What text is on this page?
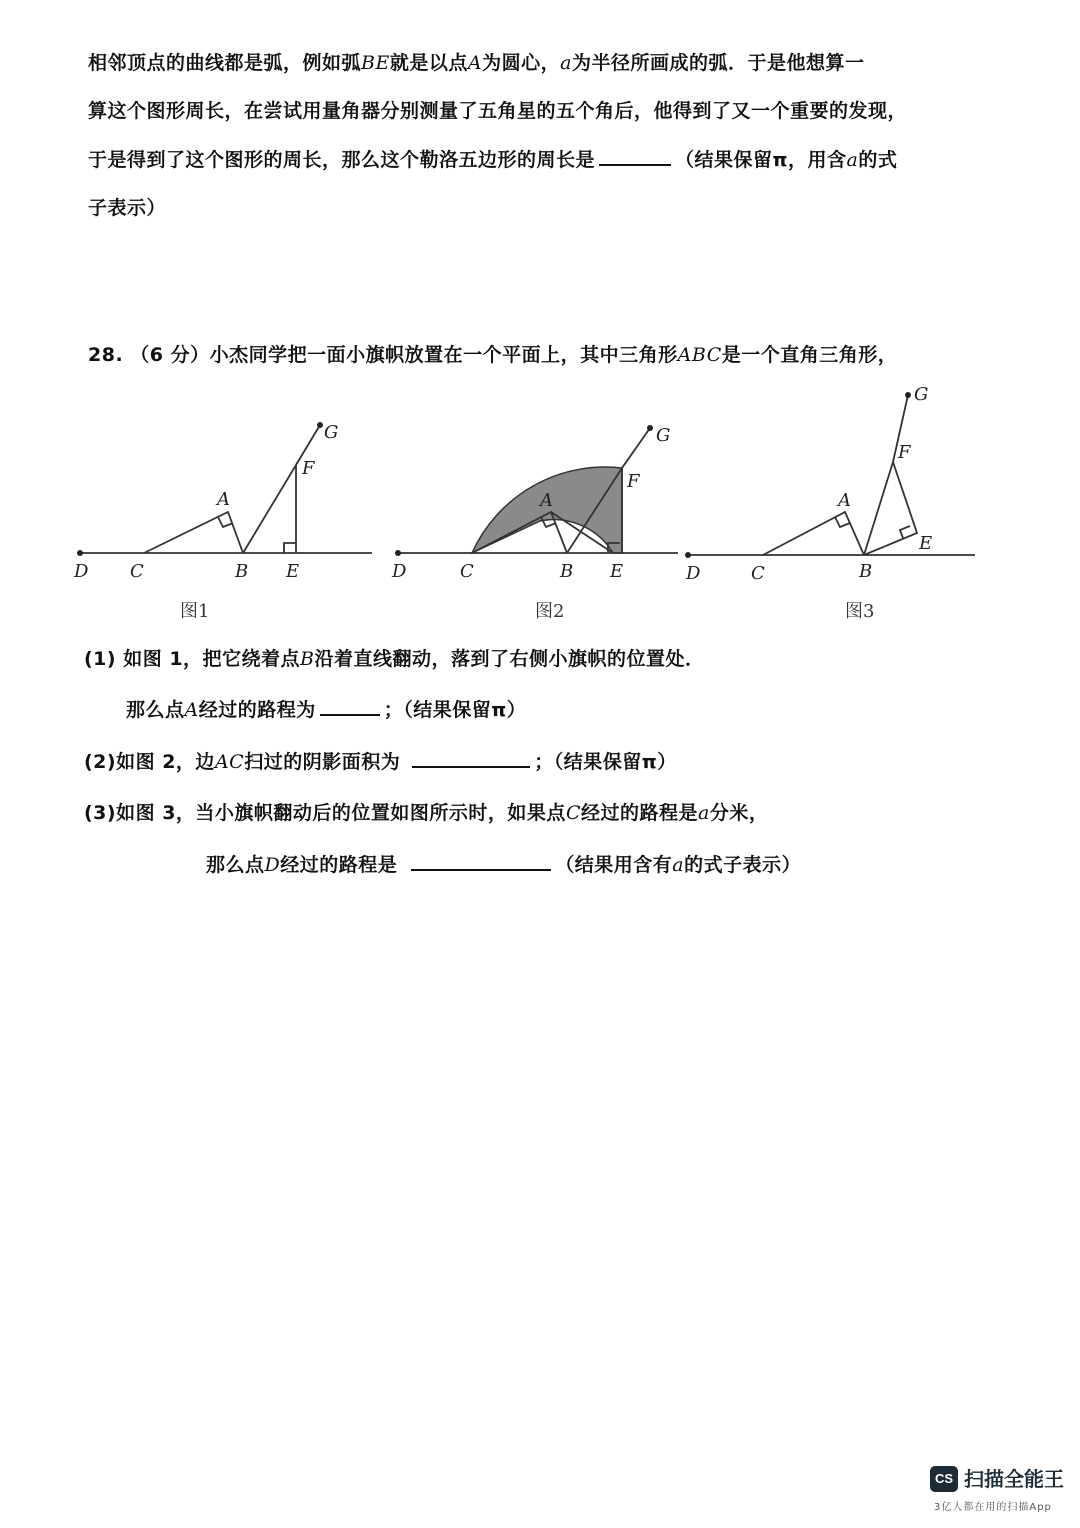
相邻顶点的曲线都是弧，例如弧BE就是以点A为圆心，a为半径所画成的弧．于是他想算一
算这个图形周长，在尝试用量角器分别测量了五角星的五个角后，他得到了又一个重要的发现，
于是得到了这个图形的周长，那么这个勒洛五边形的周长是	（结果保留π，用含a的式
子表示）
28. （6 分）小杰同学把一面小旗帜放置在一个平面上，其中三角形ABC是一个直角三角形，
D C	B E
A
F
G
图1
D	C	B E
A
F
G
图2
D	C	B
E
A
F
G
图3
(1) 如图 1，把它绕着点B沿着直线翻动，落到了右侧小旗帜的位置处．
那么点A经过的路程为	；（结果保留π）
(2)如图 2，边AC扫过的阴影面积为	；（结果保留π）
(3)如图 3，当小旗帜翻动后的位置如图所示时，如果点C经过的路程是a分米，
那么点D经过的路程是	（结果用含有a的式子表示）
CS 扫描全能王
3亿人都在用的扫描App
